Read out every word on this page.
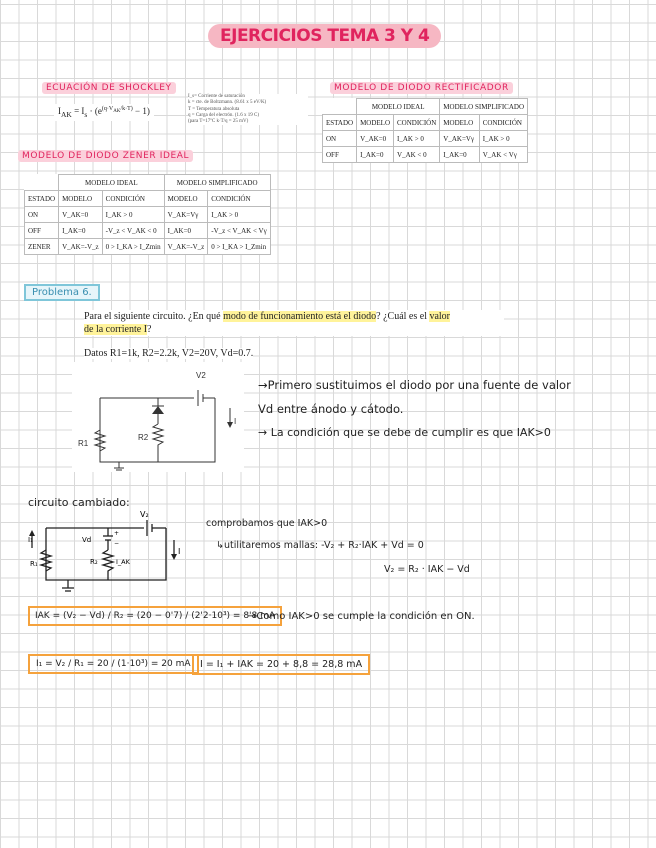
EJERCICIOS TEMA 3 Y 4
ECUACIÓN DE SHOCKLEY
$I_{AK} = I_s \cdot (e^{(q\cdot V_{AK}/k\cdot T)} - 1)$
I_s= Corriente de saturación
k = cte. de Boltzmann. (8.61 x 5 eV/K)
T = Temperatura absoluta
q = Carga del electrón. (1.6 x 19 C)
(para T=17ºC k·T/q = 25 mV)
MODELO DE DIODO RECTIFICADOR
	MODELO IDEAL		MODELO SIMPLIFICADO	
ESTADO	MODELO	CONDICIÓN	MODELO	CONDICIÓN
ON	V_AK=0	I_AK > 0	V_AK=Vγ	I_AK > 0
OFF	I_AK=0	V_AK < 0	I_AK=0	V_AK < Vγ
MODELO DE DIODO ZENER IDEAL
	MODELO IDEAL		MODELO SIMPLIFICADO	
ESTADO	MODELO	CONDICIÓN	MODELO	CONDICIÓN
ON	V_AK=0	I_AK > 0	V_AK=Vγ	I_AK > 0
OFF	I_AK=0	-V_z < V_AK < 0	I_AK=0	-V_z < V_AK < Vγ
ZENER	V_AK=-V_z	0 > I_KA > I_Zmin	V_AK=-V_z	0 > I_KA > I_Zmin
Problema 6.
Para el siguiente circuito. ¿En qué modo de funcionamiento está el diodo? ¿Cuál es el valor
de la corriente I?
Datos R1=1k, R2=2.2k, V2=20V, Vd=0.7.
V2
R1
R2
I
→Primero sustituimos el diodo por una fuente de valor
Vd entre ánodo y cátodo.
→ La condición que se debe de cumplir es que IAK>0
circuito cambiado:
V₂
Vd
+
−
I₁
R₁	R₂	I_AK
I
comprobamos que IAK>0
↳utilitaremos mallas: -V₂ + R₂·IAK + Vd = 0
V₂ = R₂ · IAK − Vd
IAK = (V₂ − Vd) / R₂ = (20 − 0'7) / (2'2·10³) = 8'8 mA
→Como IAK>0 se cumple la condición en ON.
I₁ = V₂ / R₁ = 20 / (1·10³) = 20 mA I = I₁ + IAK = 20 + 8,8 = 28,8 mA
